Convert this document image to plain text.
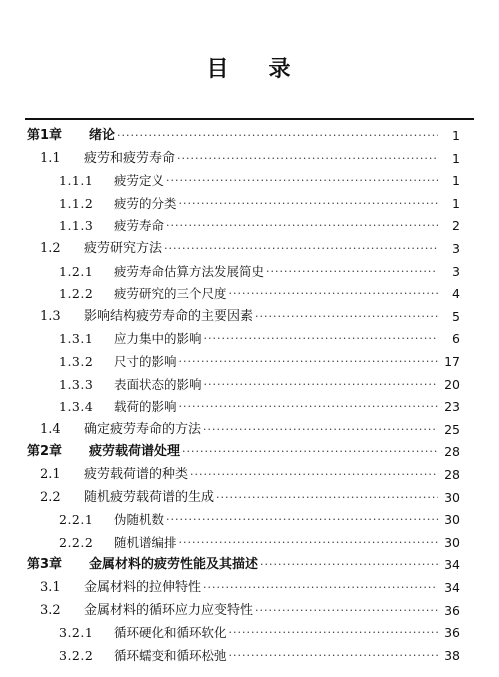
目 录
第1章	绪论 ·····	1
1.1	疲劳和疲劳寿命 ·····	1
1.1.1	疲劳定义 ·····	1
1.1.2	疲劳的分类 ·····	1
1.1.3	疲劳寿命 ·····	2
1.2	疲劳研究方法 ·····	3
1.2.1	疲劳寿命估算方法发展简史 ·····	3
1.2.2	疲劳研究的三个尺度 ·····	4
1.3	影响结构疲劳寿命的主要因素 ·····	5
1.3.1	应力集中的影响 ·····	6
1.3.2	尺寸的影响 ·····	17
1.3.3	表面状态的影响 ·····	20
1.3.4	载荷的影响 ·····	23
1.4	确定疲劳寿命的方法 ·····	25
第2章	疲劳载荷谱处理 ·····	28
2.1	疲劳载荷谱的种类 ·····	28
2.2	随机疲劳载荷谱的生成 ·····	30
2.2.1	伪随机数 ·····	30
2.2.2	随机谱编排 ·····	30
第3章	金属材料的疲劳性能及其描述 ·····	34
3.1	金属材料的拉伸特性 ·····	34
3.2	金属材料的循环应力应变特性 ·····	36
3.2.1	循环硬化和循环软化 ·····	36
3.2.2	循环蠕变和循环松弛 ·····	38
